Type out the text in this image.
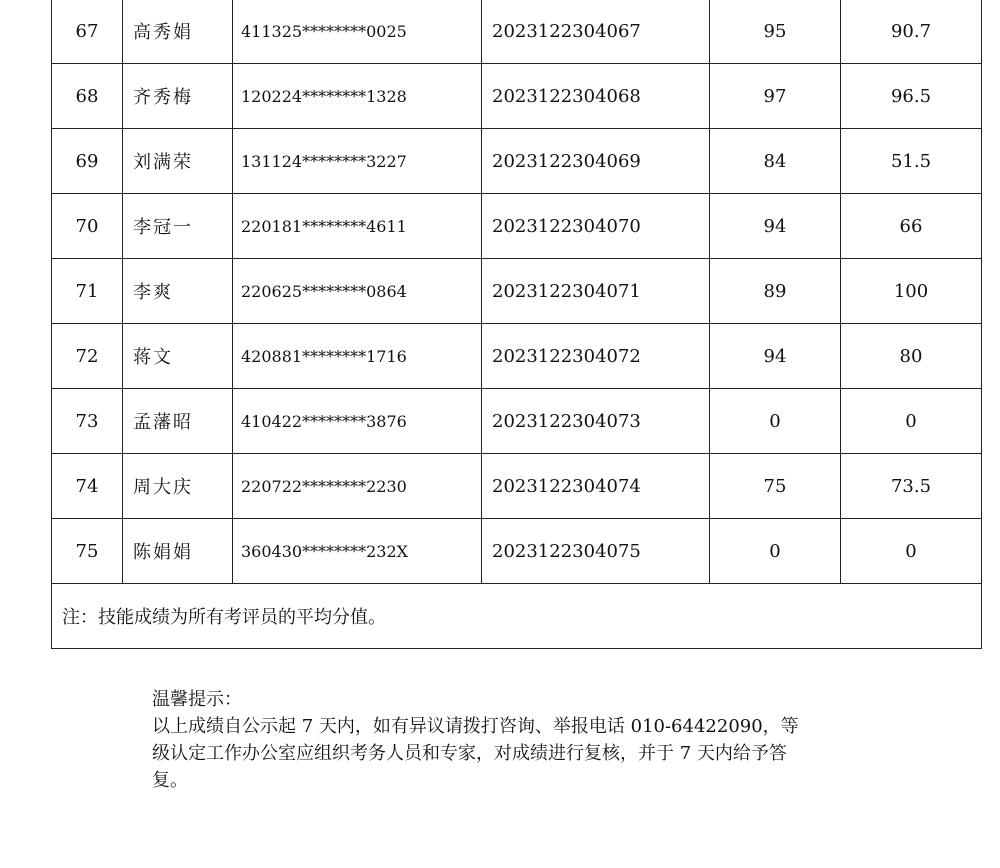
67	高秀娟	411325********0025	2023122304067	95	90.7
68	齐秀梅	120224********1328	2023122304068	97	96.5
69	刘满荣	131124********3227	2023122304069	84	51.5
70	李冠一	220181********4611	2023122304070	94	66
71	李爽	220625********0864	2023122304071	89	100
72	蒋文	420881********1716	2023122304072	94	80
73	孟藩昭	410422********3876	2023122304073	0	0
74	周大庆	220722********2230	2023122304074	75	73.5
75	陈娟娟	360430********232X	2023122304075	0	0
注：技能成绩为所有考评员的平均分值。					
温馨提示：
以上成绩自公示起 7 天内，如有异议请拨打咨询、举报电话 010-64422090，等
级认定工作办公室应组织考务人员和专家，对成绩进行复核，并于 7 天内给予答
复。
